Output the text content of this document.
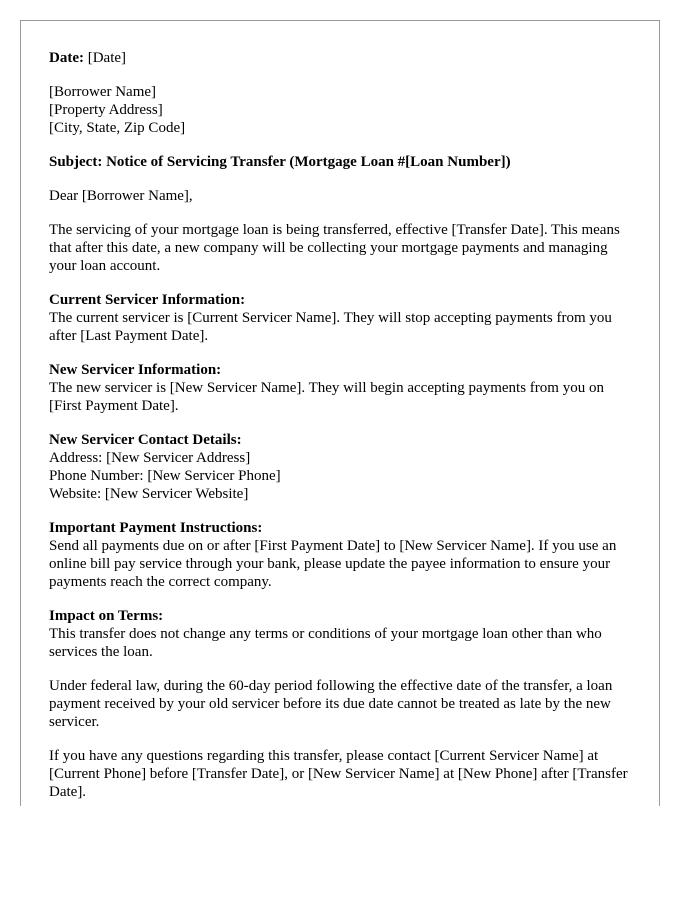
Date: [Date]

[Borrower Name]
[Property Address]
[City, State, Zip Code]

Subject: Notice of Servicing Transfer (Mortgage Loan #[Loan Number])

Dear [Borrower Name],

The servicing of your mortgage loan is being transferred, effective [Transfer Date]. This means that after this date, a new company will be collecting your mortgage payments and managing your loan account.

Current Servicer Information:
The current servicer is [Current Servicer Name]. They will stop accepting payments from you after [Last Payment Date].

New Servicer Information:
The new servicer is [New Servicer Name]. They will begin accepting payments from you on [First Payment Date].

New Servicer Contact Details:
Address: [New Servicer Address]
Phone Number: [New Servicer Phone]
Website: [New Servicer Website]

Important Payment Instructions:
Send all payments due on or after [First Payment Date] to [New Servicer Name]. If you use an online bill pay service through your bank, please update the payee information to ensure your payments reach the correct company.

Impact on Terms:
This transfer does not change any terms or conditions of your mortgage loan other than who services the loan.

Under federal law, during the 60-day period following the effective date of the transfer, a loan payment received by your old servicer before its due date cannot be treated as late by the new servicer.

If you have any questions regarding this transfer, please contact [Current Servicer Name] at [Current Phone] before [Transfer Date], or [New Servicer Name] at [New Phone] after [Transfer Date].
